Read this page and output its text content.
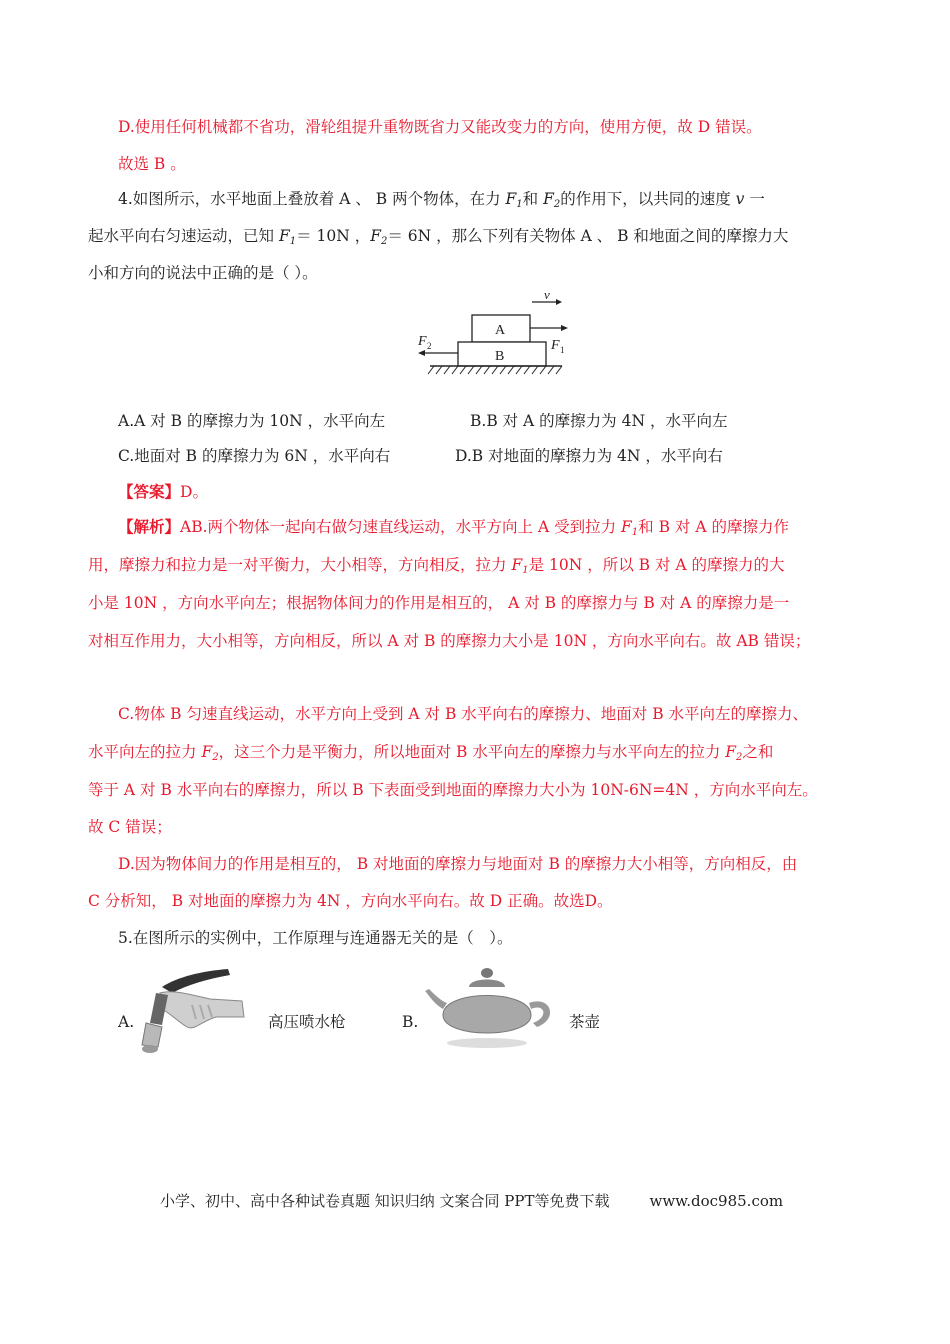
D.使用任何机械都不省功，滑轮组提升重物既省力又能改变力的方向，使用方便，故 D 错误。
故选 B 。
4.如图所示，水平地面上叠放着 A 、 B 两个物体，在力 $F_1$和 $F_2$的作用下，以共同的速度 v 一
起水平向右匀速运动，已知 $F_1= 10N$ ，$F_2= 6N$ ，那么下列有关物体 A 、 B 和地面之间的摩擦力大
小和方向的说法中正确的是（ ）。
v
A
B
F 1
F 2
A.A 对 B 的摩擦力为 10N ，水平向左	B.B 对 A 的摩擦力为 4N ，水平向左
C.地面对 B 的摩擦力为 6N ，水平向右	D.B 对地面的摩擦力为 4N ，水平向右
【答案】D。
【解析】AB.两个物体一起向右做匀速直线运动，水平方向上 A 受到拉力 $F_1$和 B 对 A 的摩擦力作
用，摩擦力和拉力是一对平衡力，大小相等，方向相反，拉力 $F_1$是 10N ，所以 B 对 A 的摩擦力的大
小是 10N ，方向水平向左；根据物体间力的作用是相互的， A 对 B 的摩擦力与 B 对 A 的摩擦力是一
对相互作用力，大小相等，方向相反，所以 A 对 B 的摩擦力大小是 10N ，方向水平向右。故 AB 错误；
C.物体 B 匀速直线运动，水平方向上受到 A 对 B 水平向右的摩擦力、地面对 B 水平向左的摩擦力、
水平向左的拉力 $F_2$，这三个力是平衡力，所以地面对 B 水平向左的摩擦力与水平向左的拉力 $F_2$之和
等于 A 对 B 水平向右的摩擦力，所以 B 下表面受到地面的摩擦力大小为 10N-6N=4N ，方向水平向左。
故 C 错误；
D.因为物体间力的作用是相互的， B 对地面的摩擦力与地面对 B 的摩擦力大小相等，方向相反，由
C 分析知， B 对地面的摩擦力为 4N ，方向水平向右。故 D 正确。故选D。
5.在图所示的实例中，工作原理与连通器无关的是（　）。
A.	高压喷水枪	B.	茶壶
小学、初中、高中各种试卷真题 知识归纳 文案合同 PPT等免费下载	www.doc985.com
